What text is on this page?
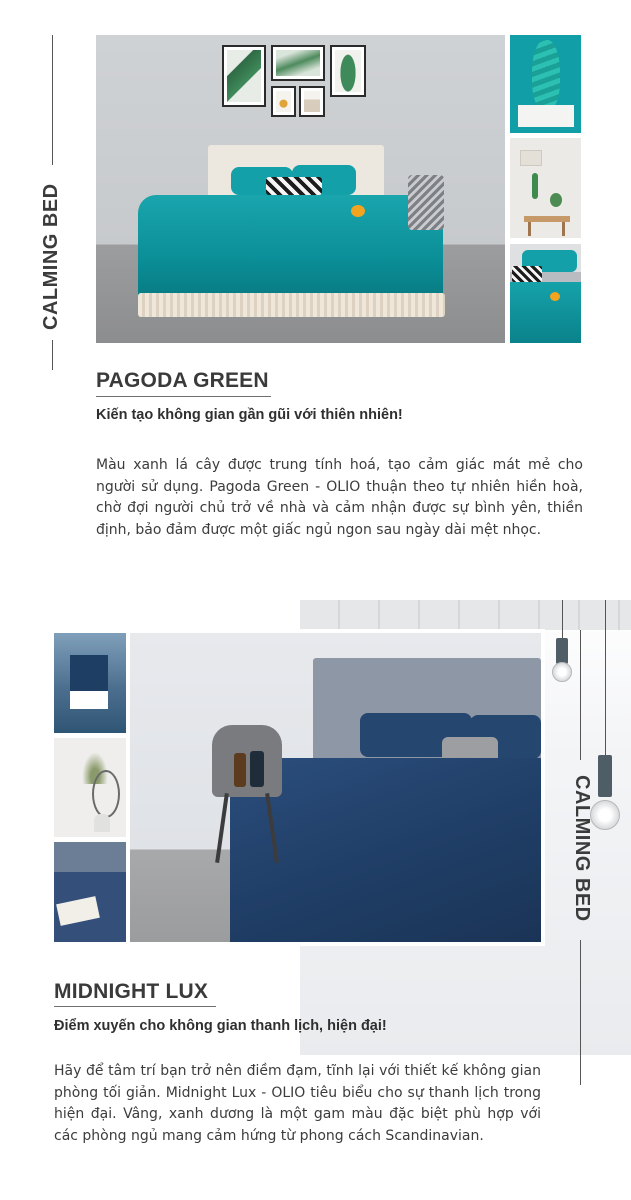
CALMING BED
PAGODA GREEN
Kiến tạo không gian gần gũi với thiên nhiên!
Màu xanh lá cây được trung tính hoá, tạo cảm giác mát mẻ cho người sử dụng. Pagoda Green - OLIO thuận theo tự nhiên hiền hoà, chờ đợi người chủ trở về nhà và cảm nhận được sự bình yên, thiền định, bảo đảm được một giấc ngủ ngon sau ngày dài mệt nhọc.
CALMING BED
MIDNIGHT LUX
Điểm xuyến cho không gian thanh lịch, hiện đại!
Hãy để tâm trí bạn trở nên điềm đạm, tĩnh lại với thiết kế không gian phòng tối giản. Midnight Lux - OLIO tiêu biểu cho sự thanh lịch trong hiện đại. Vâng, xanh dương là một gam màu đặc biệt phù hợp với các phòng ngủ mang cảm hứng từ phong cách Scandinavian.
